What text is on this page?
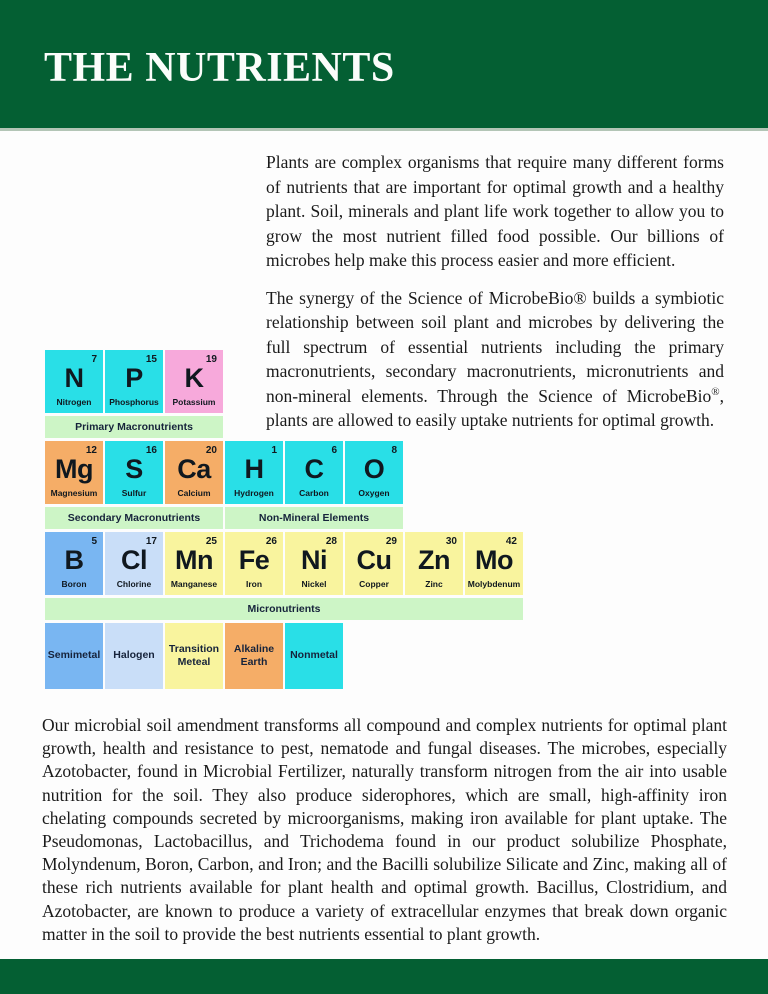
THE NUTRIENTS

Plants are complex organisms that require many different forms of nutrients that are important for optimal growth and a healthy plant. Soil, minerals and plant life work together to allow you to grow the most nutrient filled food possible. Our billions of microbes help make this process easier and more efficient.

The synergy of the Science of MicrobeBio® builds a symbiotic relationship between soil plant and microbes by delivering the full spectrum of essential nutrients including the primary macronutrients, secondary macronutrients, micronutrients and non-mineral elements. Through the Science of MicrobeBio®, plants are allowed to easily uptake nutrients for optimal growth.

7
N
Nitrogen
15
P
Phosphorus
19
K
Potassium
Primary Macronutrients
12
Mg
Magnesium
16
S
Sulfur
20
Ca
Calcium
1
H
Hydrogen
6
C
Carbon
8
O
Oxygen
Secondary Macronutrients	Non-Mineral Elements
5
B
Boron
17
Cl
Chlorine
25
Mn
Manganese
26
Fe
Iron
28
Ni
Nickel
29
Cu
Copper
30
Zn
Zinc
42
Mo
Molybdenum
Micronutrients
Semimetal	Halogen
Transition Meteal
Alkaline Earth
Nonmetal

Our microbial soil amendment transforms all compound and complex nutrients for optimal plant growth, health and resistance to pest, nematode and fungal diseases. The microbes, especially Azotobacter, found in Microbial Fertilizer, naturally transform nitrogen from the air into usable nutrition for the soil. They also produce siderophores, which are small, high-affinity iron chelating compounds secreted by microorganisms, making iron available for plant uptake. The Pseudomonas, Lactobacillus, and Trichodema found in our product solubilize Phosphate, Molyndenum, Boron, Carbon, and Iron; and the Bacilli solubilize Silicate and Zinc, making all of these rich nutrients available for plant health and optimal growth. Bacillus, Clostridium, and Azotobacter, are known to produce a variety of extracellular enzymes that break down organic matter in the soil to provide the best nutrients essential to plant growth.
